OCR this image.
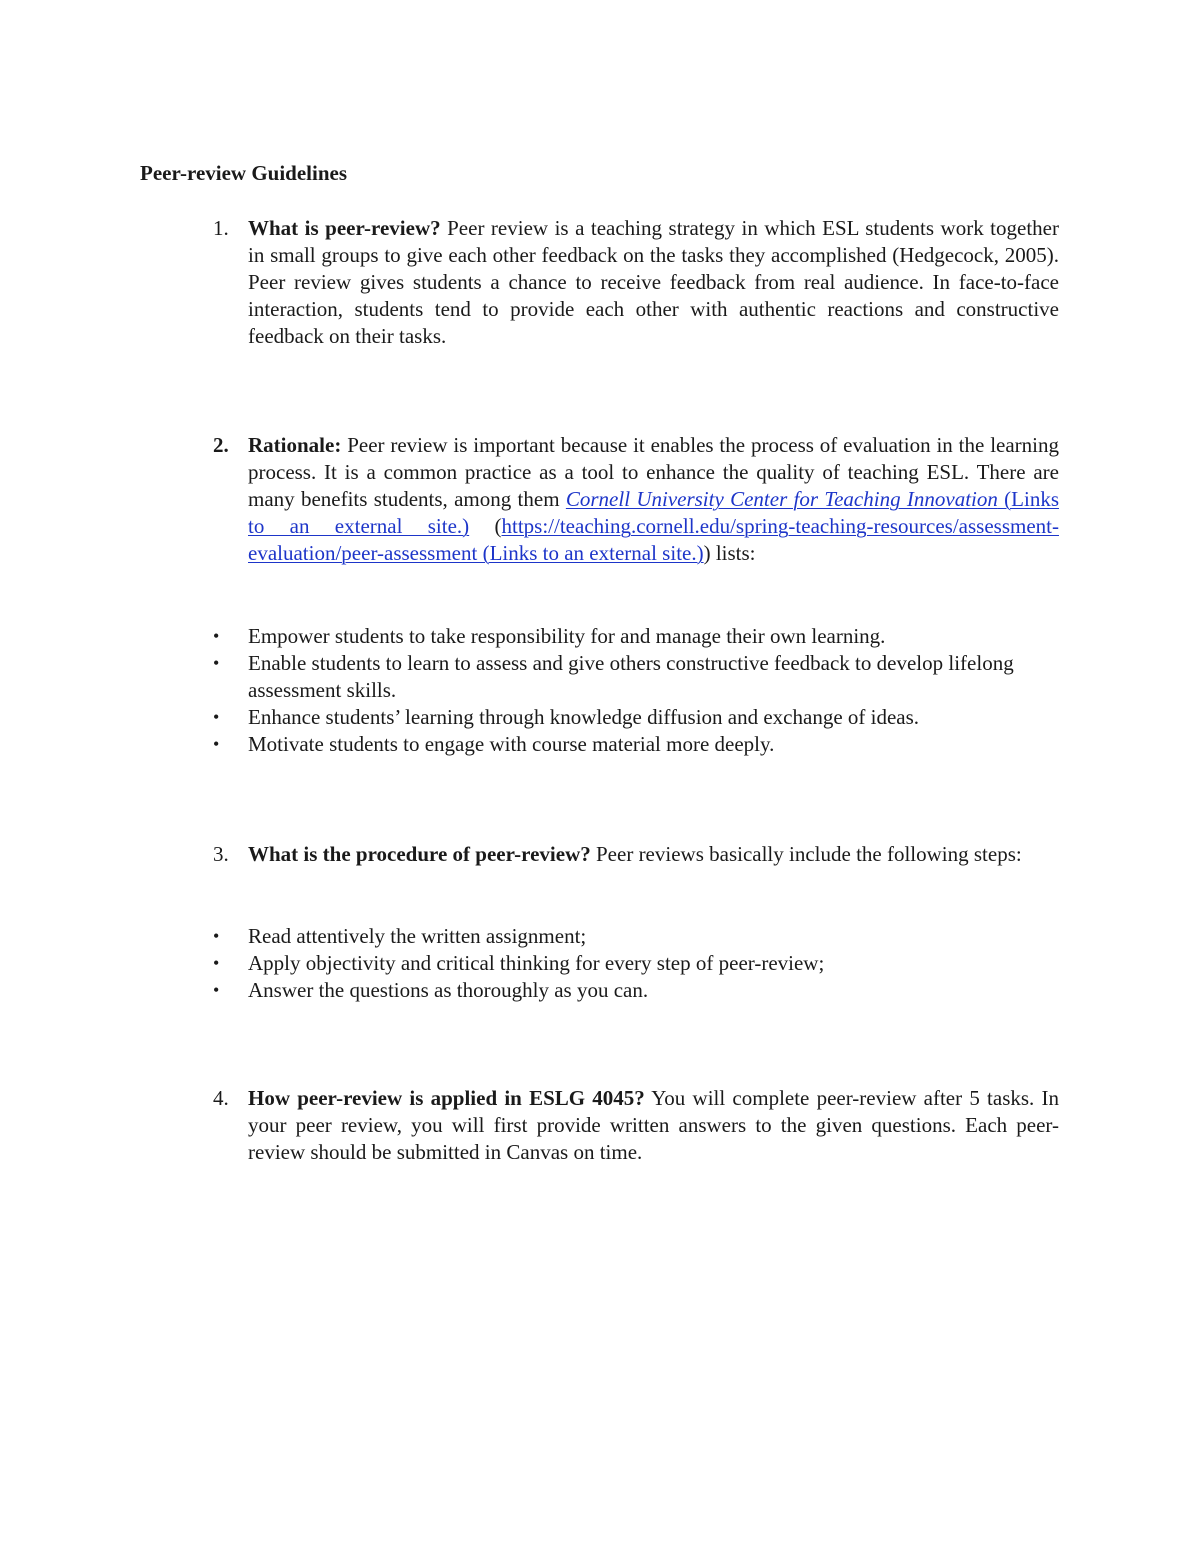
Peer-review Guidelines
1. What is peer-review? Peer review is a teaching strategy in which ESL students work together in small groups to give each other feedback on the tasks they accomplished (Hedgecock, 2005). Peer review gives students a chance to receive feedback from real audience. In face-to-face interaction, students tend to provide each other with authentic reactions and constructive feedback on their tasks.
2. Rationale: Peer review is important because it enables the process of evaluation in the learning process. It is a common practice as a tool to enhance the quality of teaching ESL. There are many benefits students, among them Cornell University Center for Teaching Innovation (Links to an external site.) (https://teaching.cornell.edu/spring-teaching-resources/assessment-evaluation/peer-assessment (Links to an external site.)) lists:
• Empower students to take responsibility for and manage their own learning.
• Enable students to learn to assess and give others constructive feedback to develop lifelong assessment skills.
• Enhance students’ learning through knowledge diffusion and exchange of ideas.
• Motivate students to engage with course material more deeply.
3. What is the procedure of peer-review? Peer reviews basically include the following steps:
• Read attentively the written assignment;
• Apply objectivity and critical thinking for every step of peer-review;
• Answer the questions as thoroughly as you can.
4. How peer-review is applied in ESLG 4045? You will complete peer-review after 5 tasks. In your peer review, you will first provide written answers to the given questions. Each peer-review should be submitted in Canvas on time.
